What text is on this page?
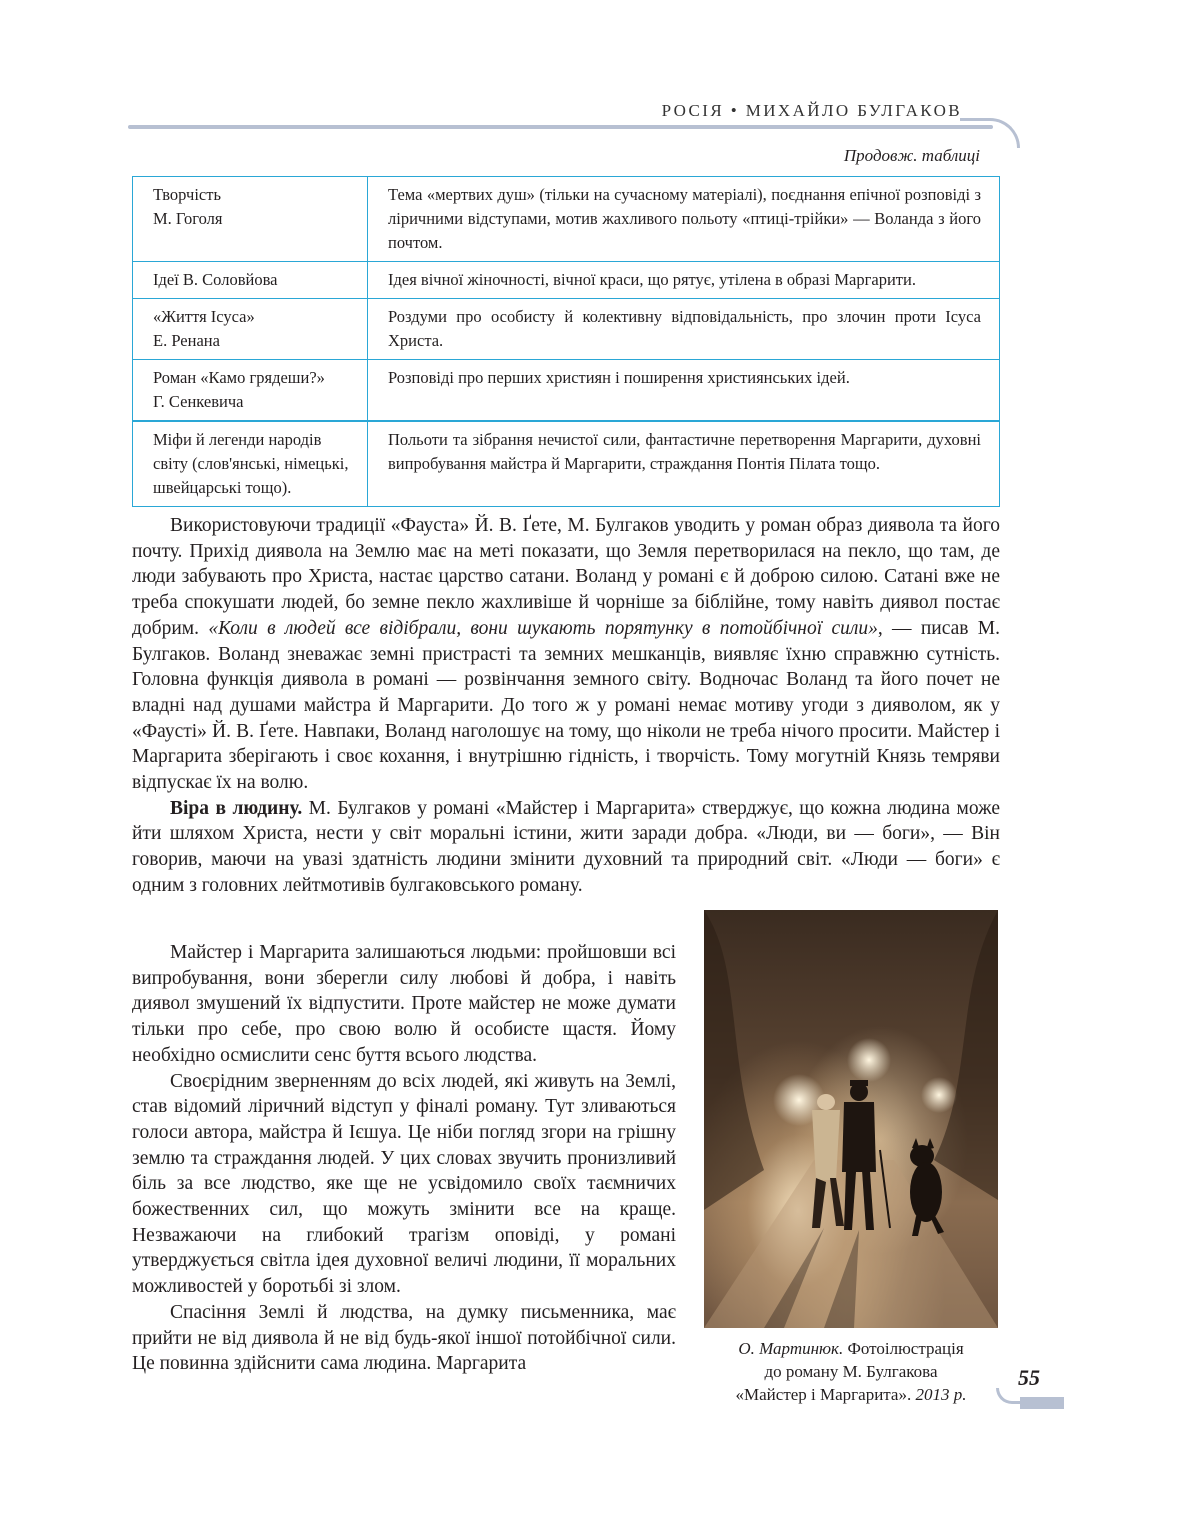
РОСІЯ • МИХАЙЛО БУЛГАКОВ
Продовж. таблиці
Творчість
М. Гоголя	Тема «мертвих душ» (тільки на сучасному матеріалі), поєднання епічної розповіді з ліричними відступами, мотив жахливого польоту «птиці-трійки» — Воланда з його почтом.

Ідеї В. Соловйова	Ідея вічної жіночності, вічної краси, що рятує, утілена в образі Маргарити.

«Життя Ісуса»
Е. Ренана	Роздуми про особисту й колективну відповідальність, про злочин проти Ісуса Христа.

Роман «Камо грядеши?»
Г. Сенкевича	Розповіді про перших християн і поширення християнських ідей.

Міфи й легенди народів світу (слов'янські, німецькі, швейцарські тощо).	Польоти та зібрання нечистої сили, фантастичне перетворення Маргарити, духовні випробування майстра й Маргарити, страждання Понтія Пілата тощо.

Використовуючи традиції «Фауста» Й. В. Ґете, М. Булгаков уводить у роман образ диявола та його почту. Прихід диявола на Землю має на меті показати, що Земля перетворилася на пекло, що там, де люди забувають про Христа, настає царство сатани. Воланд у романі є й доброю силою. Сатані вже не треба спокушати людей, бо земне пекло жахливіше й чорніше за біблійне, тому навіть диявол постає добрим. «Коли в людей все відібрали, вони шукають порятунку в потойбічної сили», — писав М. Булгаков. Воланд зневажає земні пристрасті та земних мешканців, виявляє їхню справжню сутність. Головна функція диявола в романі — розвінчання земного світу. Водночас Воланд та його почет не владні над душами майстра й Маргарити. До того ж у романі немає мотиву угоди з дияволом, як у «Фаусті» Й. В. Ґете. Навпаки, Воланд наголошує на тому, що ніколи не треба нічого просити. Майстер і Маргарита зберігають і своє кохання, і внутрішню гідність, і творчість. Тому могутній Князь темряви відпускає їх на волю.

Віра в людину. М. Булгаков у романі «Майстер і Маргарита» стверджує, що кожна людина може йти шляхом Христа, нести у світ моральні істини, жити заради добра. «Люди, ви — боги», — Він говорив, маючи на увазі здатність людини змінити духовний та природний світ. «Люди — боги» є одним з головних лейтмотивів булгаковського роману.

Майстер і Маргарита залишаються людьми: пройшовши всі випробування, вони зберегли силу любові й добра, і навіть диявол змушений їх відпустити. Проте майстер не може думати тільки про себе, про свою волю й особисте щастя. Йому необхідно осмислити сенс буття всього людства.

Своєрідним зверненням до всіх людей, які живуть на Землі, став відомий ліричний відступ у фіналі роману. Тут зливаються голоси автора, майстра й Ієшуа. Це ніби погляд згори на грішну землю та страждання людей. У цих словах звучить пронизливий біль за все людство, яке ще не усвідомило своїх таємничих божественних сил, що можуть змінити все на краще. Незважаючи на глибокий трагізм оповіді, у романі утверджується світла ідея духовної величі людини, її моральних можливостей у боротьбі зі злом.

Спасіння Землі й людства, на думку письменника, має прийти не від диявола й не від будь-якої іншої потойбічної сили. Це повинна здійснити сама людина. Маргарита

О. Мартинюк. Фотоілюстрація
до роману М. Булгакова
«Майстер і Маргарита». 2013 р.
55
